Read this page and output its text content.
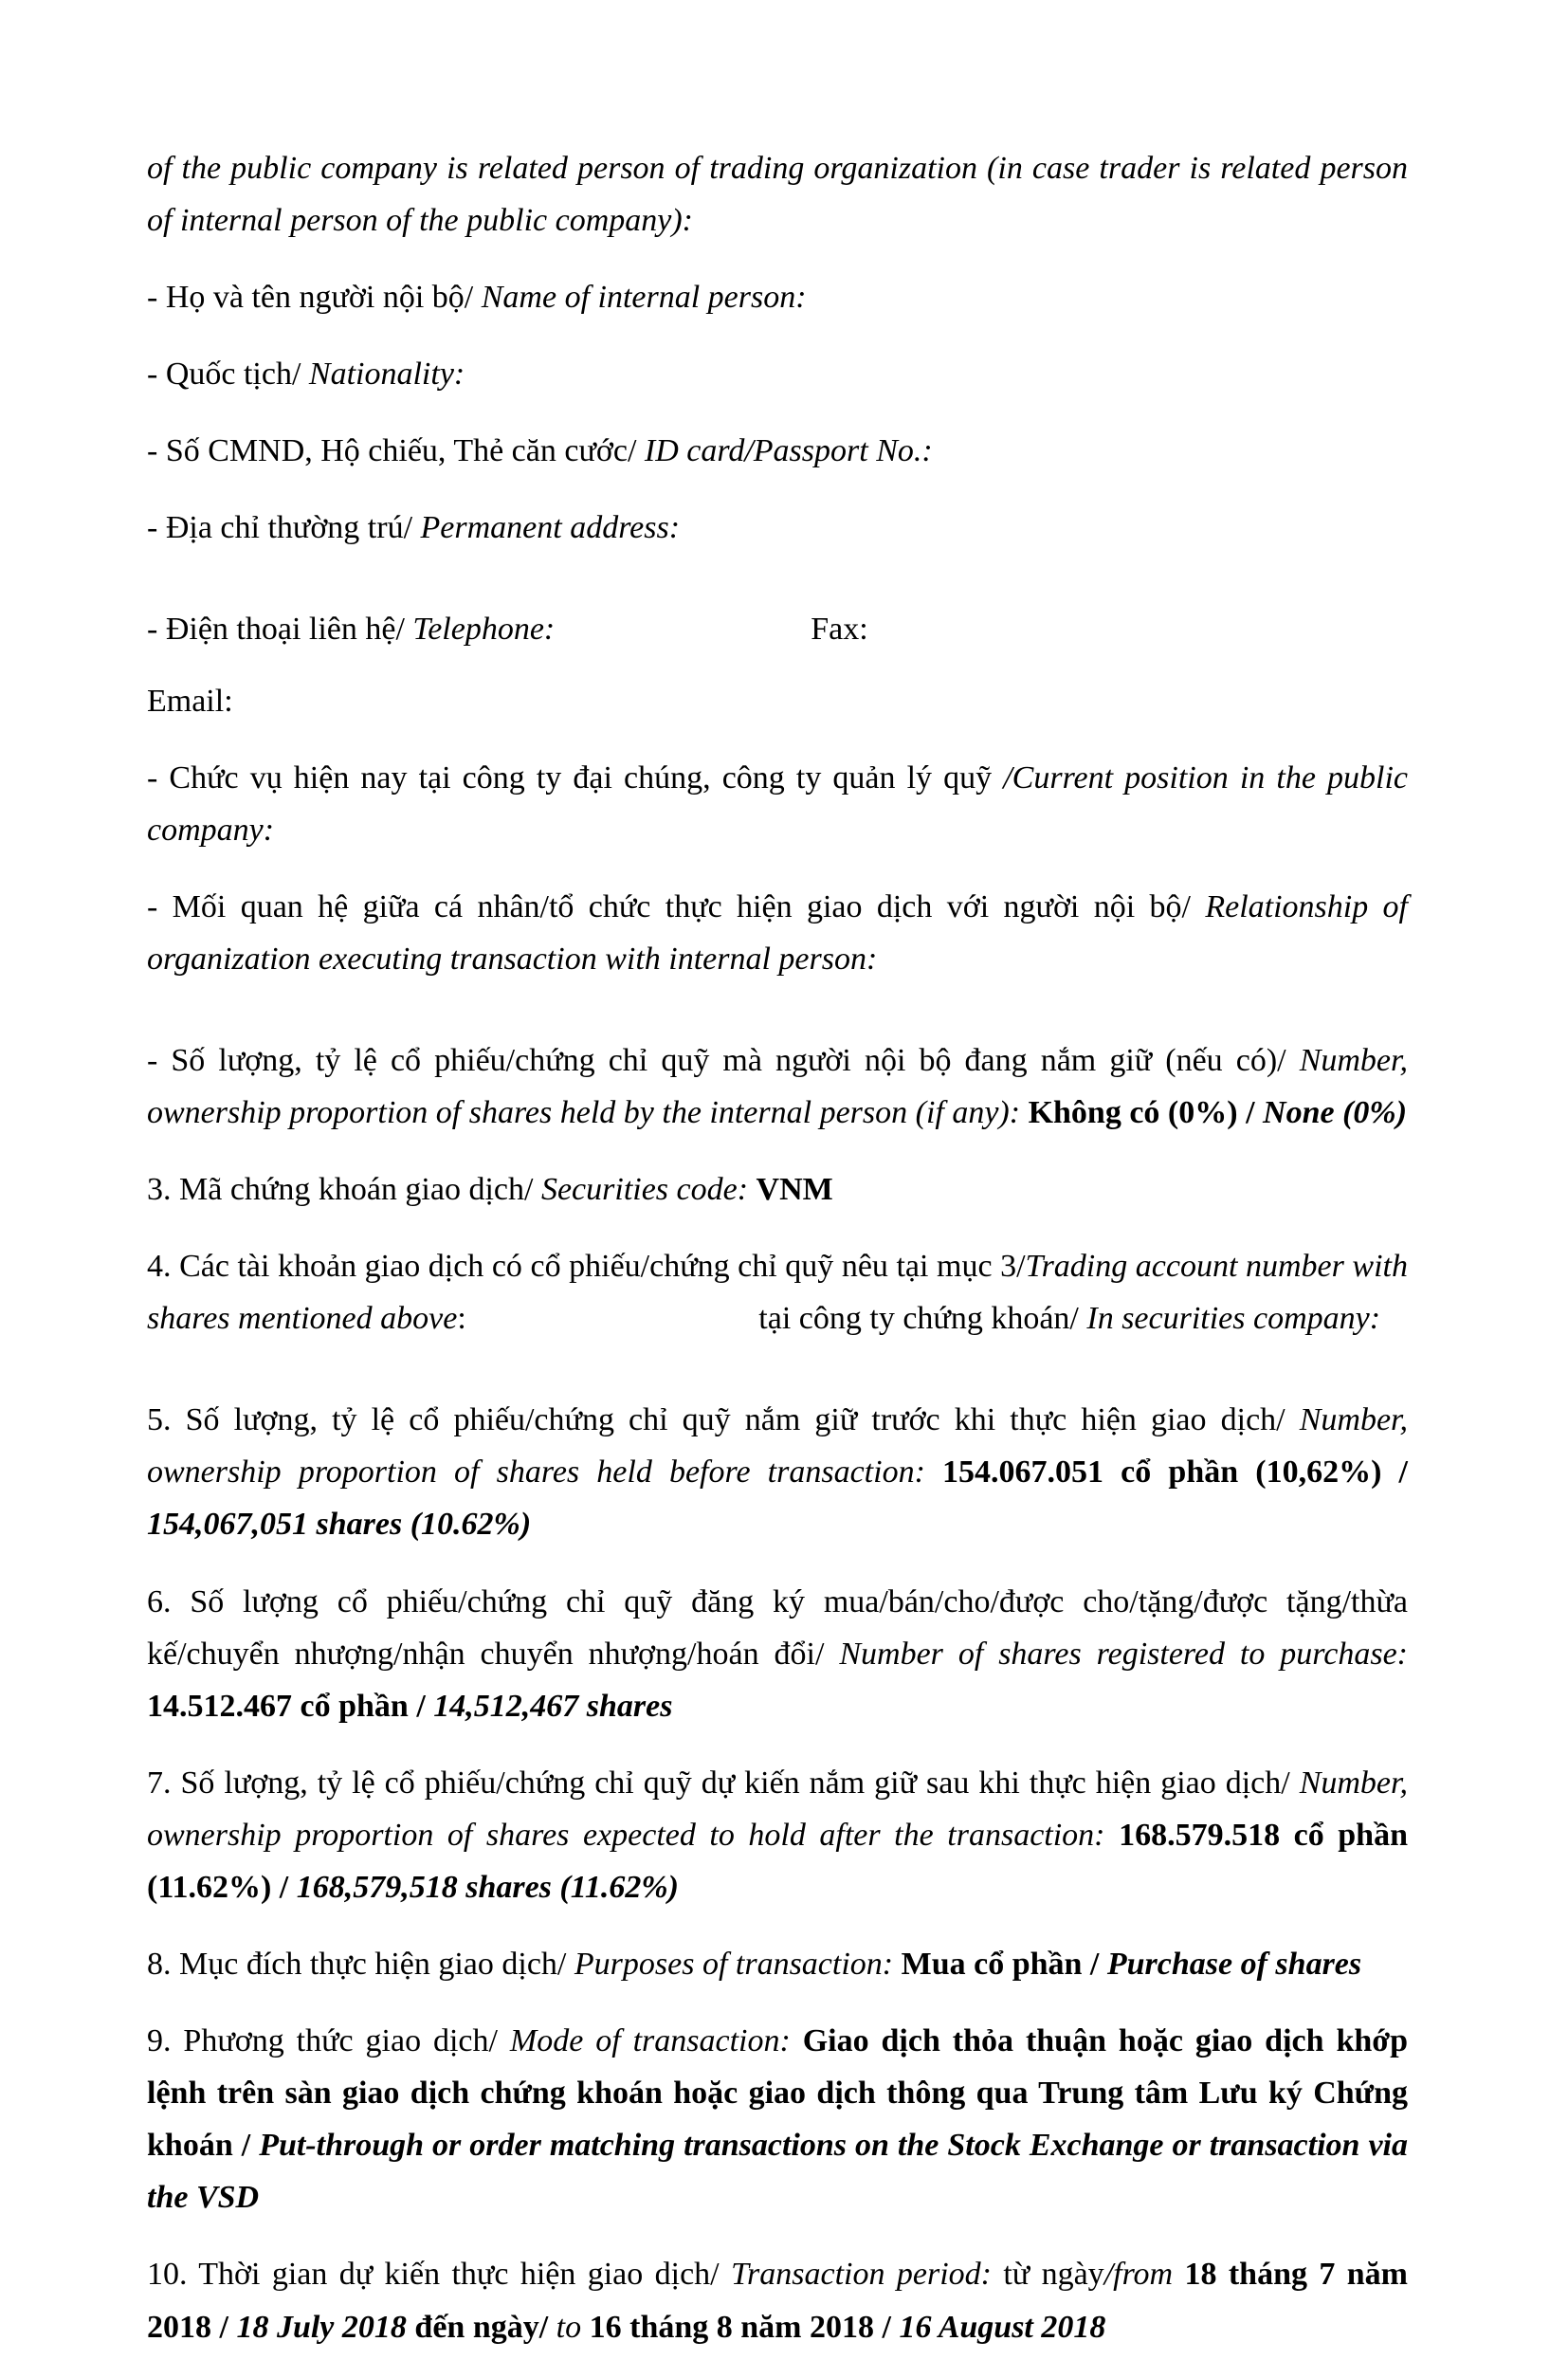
of the public company is related person of trading organization (in case trader is related person of internal person of the public company):

- Họ và tên người nội bộ/ Name of internal person:

- Quốc tịch/ Nationality:

- Số CMND, Hộ chiếu, Thẻ căn cước/ ID card/Passport No.:

- Địa chỉ thường trú/ Permanent address:

- Điện thoại liên hệ/ Telephone:	Fax:

Email:

- Chức vụ hiện nay tại công ty đại chúng, công ty quản lý quỹ /Current position in the public company:

- Mối quan hệ giữa cá nhân/tổ chức thực hiện giao dịch với người nội bộ/ Relationship of organization executing transaction with internal person:

- Số lượng, tỷ lệ cổ phiếu/chứng chỉ quỹ mà người nội bộ đang nắm giữ (nếu có)/ Number, ownership proportion of shares held by the internal person (if any): Không có (0%) / None (0%)

3. Mã chứng khoán giao dịch/ Securities code: VNM

4. Các tài khoản giao dịch có cổ phiếu/chứng chỉ quỹ nêu tại mục 3/Trading account number with shares mentioned above:	tại công ty chứng khoán/ In securities company:

5. Số lượng, tỷ lệ cổ phiếu/chứng chỉ quỹ nắm giữ trước khi thực hiện giao dịch/ Number, ownership proportion of shares held before transaction: 154.067.051 cổ phần (10,62%) / 154,067,051 shares (10.62%)

6. Số lượng cổ phiếu/chứng chỉ quỹ đăng ký mua/bán/cho/được cho/tặng/được tặng/thừa kế/chuyển nhượng/nhận chuyển nhượng/hoán đổi/ Number of shares registered to purchase: 14.512.467 cổ phần / 14,512,467 shares

7. Số lượng, tỷ lệ cổ phiếu/chứng chỉ quỹ dự kiến nắm giữ sau khi thực hiện giao dịch/ Number, ownership proportion of shares expected to hold after the transaction: 168.579.518 cổ phần (11.62%) / 168,579,518 shares (11.62%)

8. Mục đích thực hiện giao dịch/ Purposes of transaction: Mua cổ phần / Purchase of shares

9. Phương thức giao dịch/ Mode of transaction: Giao dịch thỏa thuận hoặc giao dịch khớp lệnh trên sàn giao dịch chứng khoán hoặc giao dịch thông qua Trung tâm Lưu ký Chứng khoán / Put-through or order matching transactions on the Stock Exchange or transaction via the VSD

10. Thời gian dự kiến thực hiện giao dịch/ Transaction period: từ ngày/from 18 tháng 7 năm 2018 / 18 July 2018 đến ngày/ to 16 tháng 8 năm 2018 / 16 August 2018
